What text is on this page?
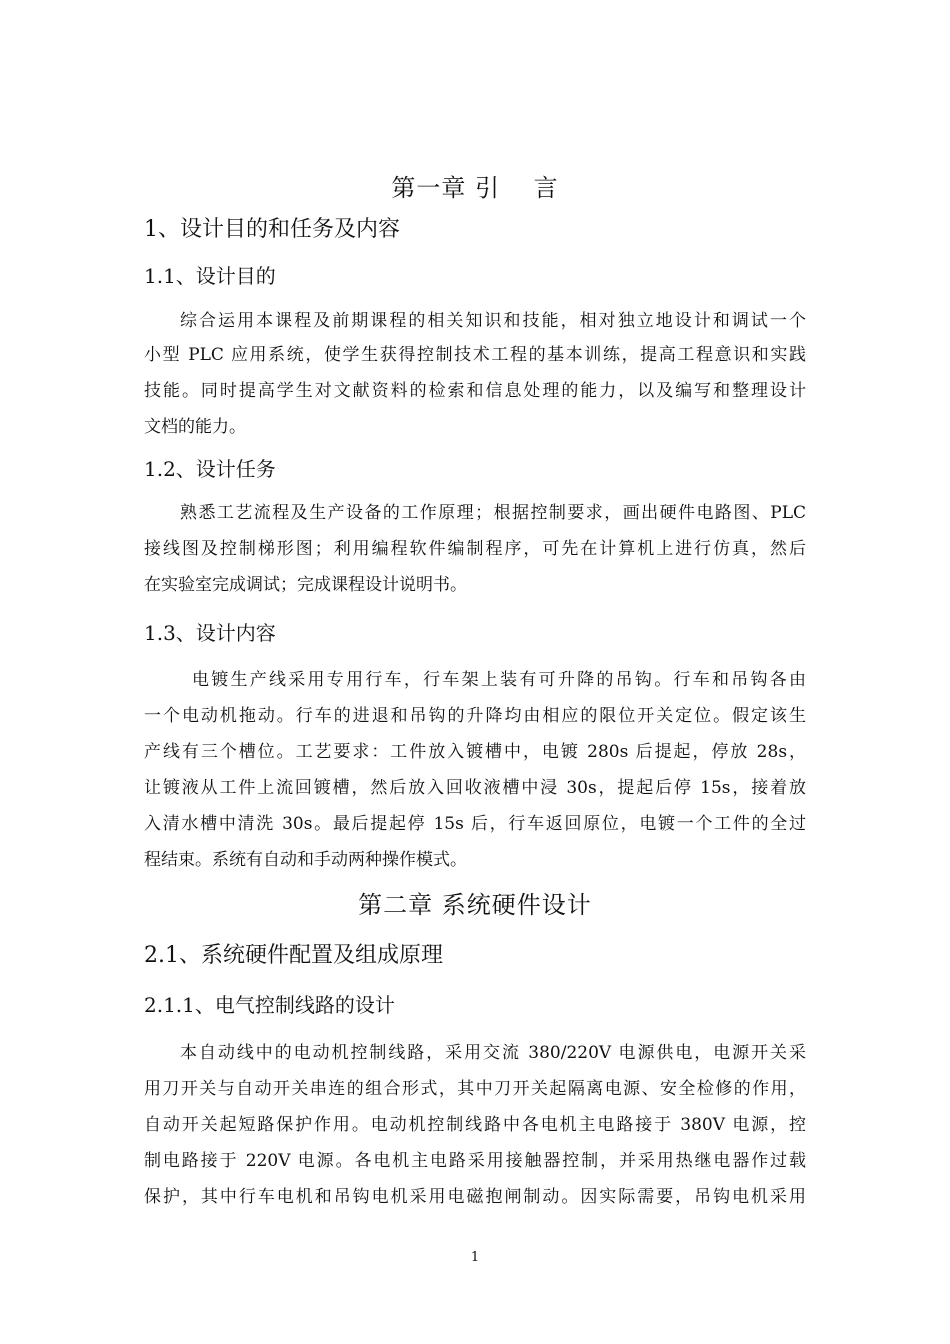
第一章 引　 言
1、设计目的和任务及内容
1.1、设计目的
综合运用本课程及前期课程的相关知识和技能，相对独立地设计和调试一个
小型 PLC 应用系统，使学生获得控制技术工程的基本训练，提高工程意识和实践
技能。同时提高学生对文献资料的检索和信息处理的能力，以及编写和整理设计
文档的能力。
1.2、设计任务
熟悉工艺流程及生产设备的工作原理；根据控制要求，画出硬件电路图、PLC
接线图及控制梯形图；利用编程软件编制程序，可先在计算机上进行仿真，然后
在实验室完成调试；完成课程设计说明书。
1.3、设计内容
电镀生产线采用专用行车，行车架上装有可升降的吊钩。行车和吊钩各由
一个电动机拖动。行车的进退和吊钩的升降均由相应的限位开关定位。假定该生
产线有三个槽位。工艺要求：工件放入镀槽中，电镀 280s 后提起，停放 28s，
让镀液从工件上流回镀槽，然后放入回收液槽中浸 30s，提起后停 15s，接着放
入清水槽中清洗 30s。最后提起停 15s 后，行车返回原位，电镀一个工件的全过
程结束。系统有自动和手动两种操作模式。
第二章 系统硬件设计
2.1、系统硬件配置及组成原理
2.1.1、电气控制线路的设计
本自动线中的电动机控制线路，采用交流 380/220V 电源供电，电源开关采
用刀开关与自动开关串连的组合形式，其中刀开关起隔离电源、安全检修的作用，
自动开关起短路保护作用。电动机控制线路中各电机主电路接于 380V 电源，控
制电路接于 220V 电源。各电机主电路采用接触器控制，并采用热继电器作过载
保护，其中行车电机和吊钩电机采用电磁抱闸制动。因实际需要，吊钩电机采用
1
